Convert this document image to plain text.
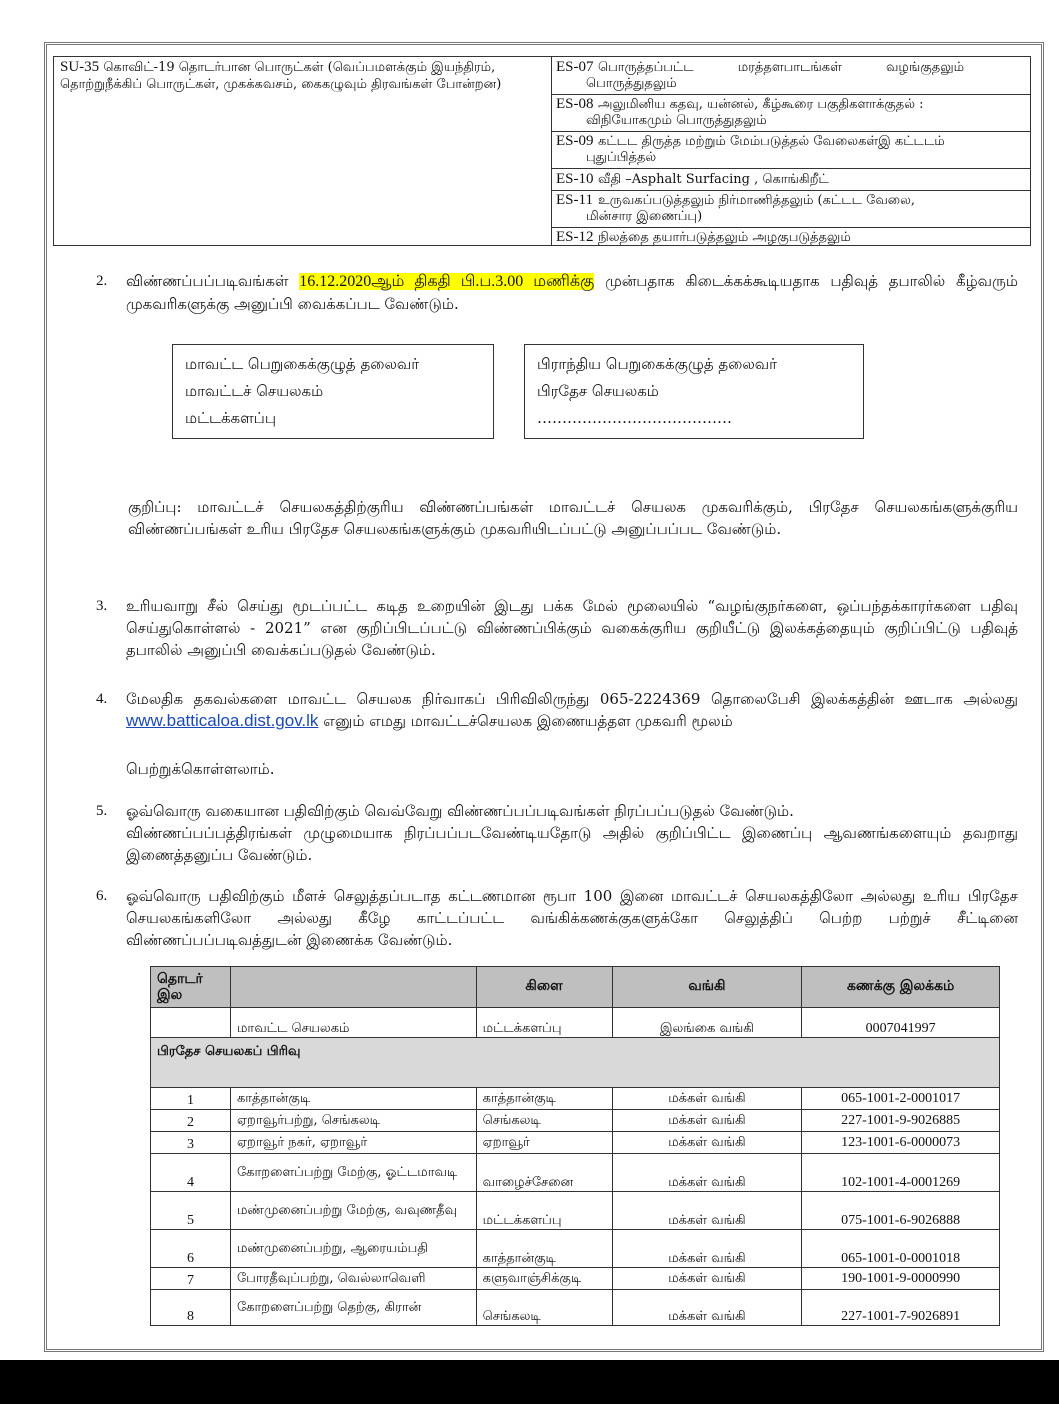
SU-35 கொவிட்-19 தொடர்பான பொருட்கள் (வெப்பமளக்கும் இயந்திரம், தொற்றுநீக்கிப் பொருட்கள், முகக்கவசம், கைகழுவும் திரவங்கள் போன்றன)
ES-07 பொருத்தப்பட்ட மரத்தளபாடங்கள் வழங்குதலும்
பொருத்துதலும்
ES-08 அலுமினிய கதவு, யன்னல், கீழ்கூரை பகுதிகளாக்குதல் :
விநியோகமும் பொருத்துதலும்
ES-09 கட்டட திருத்த மற்றும் மேம்படுத்தல் வேலைகள்இ கட்டடம்
புதுப்பித்தல்
ES-10 வீதி –Asphalt Surfacing , கொங்கிறீட்
ES-11 உருவகப்படுத்தலும் நிர்மாணித்தலும் (கட்டட வேலை,
மின்சார இணைப்பு)
ES-12 நிலத்தை தயார்படுத்தலும் அழகுபடுத்தலும்
2. விண்ணப்பப்படிவங்கள் 16.12.2020ஆம் திகதி பி.ப.3.00 மணிக்கு முன்பதாக கிடைக்கக்கூடியதாக பதிவுத் தபாலில் கீழ்வரும் முகவரிகளுக்கு அனுப்பி வைக்கப்பட வேண்டும்.
மாவட்ட பெறுகைக்குழுத் தலைவர்
மாவட்டச் செயலகம்
மட்டக்களப்பு
பிராந்திய பெறுகைக்குழுத் தலைவர்
பிரதேச செயலகம்
…………………………………
குறிப்பு: மாவட்டச் செயலகத்திற்குரிய விண்ணப்பங்கள் மாவட்டச் செயலக முகவரிக்கும், பிரதேச செயலகங்களுக்குரிய விண்ணப்பங்கள் உரிய பிரதேச செயலகங்களுக்கும் முகவரியிடப்பட்டு அனுப்பப்பட வேண்டும்.
3. உரியவாறு சீல் செய்து மூடப்பட்ட கடித உறையின் இடது பக்க மேல் மூலையில் “வழங்குநர்களை, ஒப்பந்தக்காரர்களை பதிவு செய்துகொள்ளல் - 2021” என குறிப்பிடப்பட்டு விண்ணப்பிக்கும் வகைக்குரிய குறியீட்டு இலக்கத்தையும் குறிப்பிட்டு பதிவுத் தபாலில் அனுப்பி வைக்கப்படுதல் வேண்டும்.
4. மேலதிக தகவல்களை மாவட்ட செயலக நிர்வாகப் பிரிவிலிருந்து 065-2224369 தொலைபேசி இலக்கத்தின் ஊடாக அல்லது www.batticaloa.dist.gov.lk எனும் எமது மாவட்டச்செயலக இணையத்தள முகவரி மூலம்
பெற்றுக்கொள்ளலாம்.
5. ஓவ்வொரு வகையான பதிவிற்கும் வெவ்வேறு விண்ணப்பப்படிவங்கள் நிரப்பப்படுதல் வேண்டும்.
விண்ணப்பப்பத்திரங்கள் முழுமையாக நிரப்பப்படவேண்டியதோடு அதில் குறிப்பிட்ட இணைப்பு ஆவணங்களையும் தவறாது இணைத்தனுப்ப வேண்டும்.
6. ஓவ்வொரு பதிவிற்கும் மீளச் செலுத்தப்படாத கட்டணமான ரூபா 100 இனை மாவட்டச் செயலகத்திலோ அல்லது உரிய பிரதேச செயலகங்களிலோ அல்லது கீழே காட்டப்பட்ட வங்கிக்கணக்குகளுக்கோ செலுத்திப் பெற்ற பற்றுச் சீட்டினை விண்ணப்பப்படிவத்துடன் இணைக்க வேண்டும்.
தொடர் இல		கிளை	வங்கி	கணக்கு இலக்கம்
	மாவட்ட செயலகம்	மட்டக்களப்பு	இலங்கை வங்கி	0007041997
பிரதேச செயலகப் பிரிவு				
1	காத்தான்குடி	காத்தான்குடி	மக்கள் வங்கி	065-1001-2-0001017
2	ஏறாவூர்பற்று, செங்கலடி	செங்கலடி	மக்கள் வங்கி	227-1001-9-9026885
3	ஏறாவூர் நகர், ஏறாவூர்	ஏறாவூர்	மக்கள் வங்கி	123-1001-6-0000073
4	கோறளைப்பற்று மேற்கு, ஓட்டமாவடி	வாழைச்சேனை	மக்கள் வங்கி	102-1001-4-0001269
5	மண்முனைப்பற்று மேற்கு, வவுணதீவு	மட்டக்களப்பு	மக்கள் வங்கி	075-1001-6-9026888
6	மண்முனைப்பற்று, ஆரையம்பதி	காத்தான்குடி	மக்கள் வங்கி	065-1001-0-0001018
7	போரதீவுப்பற்று, வெல்லாவெளி	களுவாஞ்சிக்குடி	மக்கள் வங்கி	190-1001-9-0000990
8	கோறளைப்பற்று தெற்கு, கிரான்	செங்கலடி	மக்கள் வங்கி	227-1001-7-9026891
